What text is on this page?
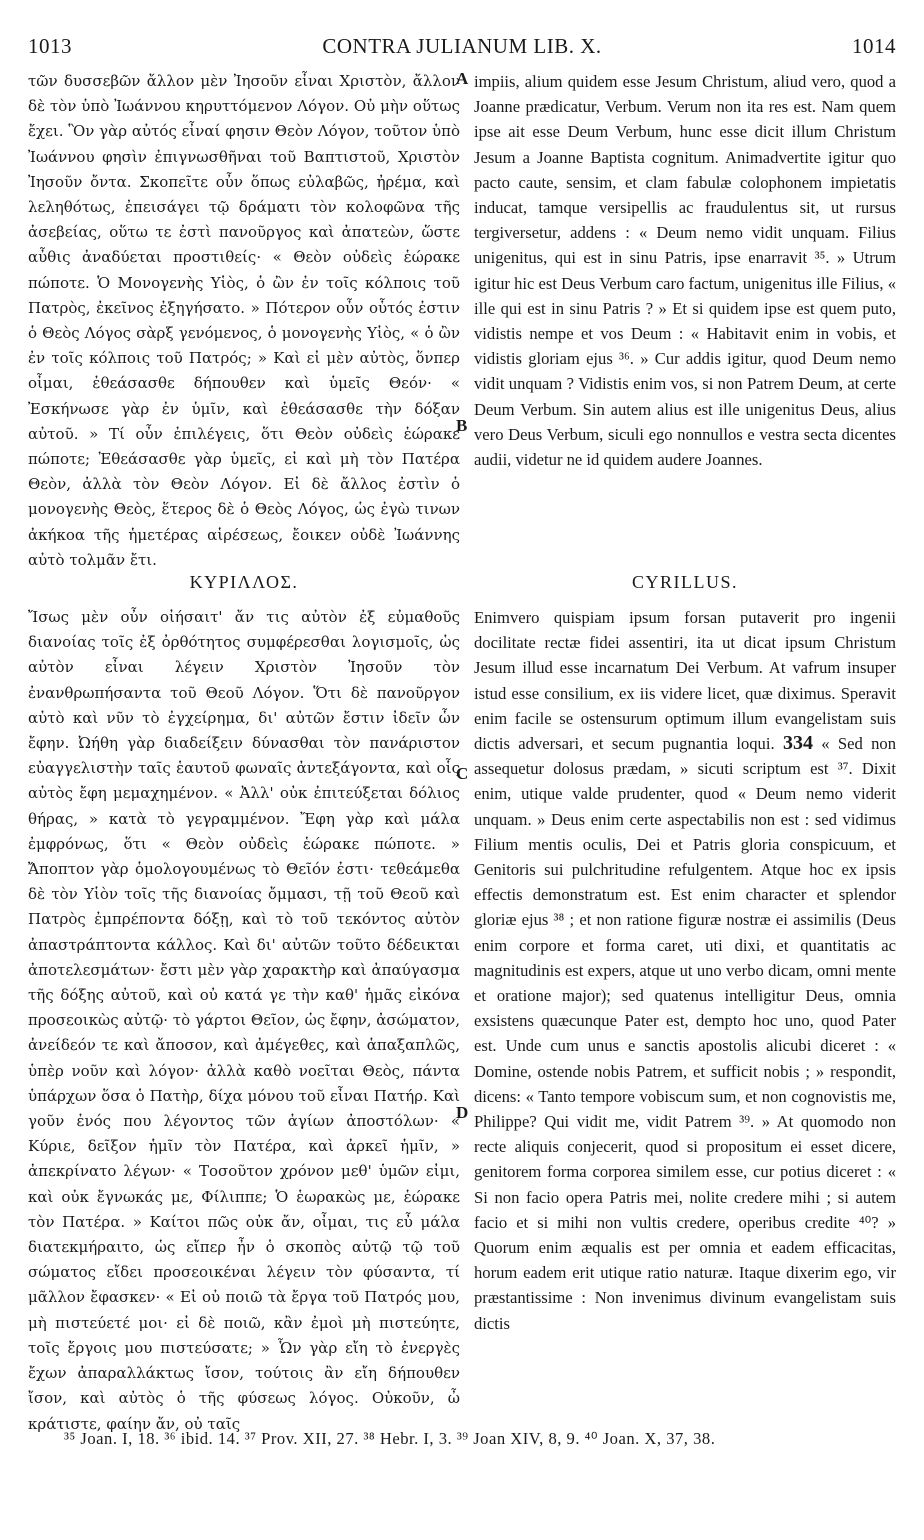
1013	CONTRA JULIANUM LIB. X.	1014

τῶν δυσσεβῶν ἄλλον μὲν Ἰησοῦν εἶναι Χριστὸν, ἄλλον δὲ τὸν ὑπὸ Ἰωάννου κηρυττόμενον Λόγον. Οὐ μὴν οὕτως ἔχει. Ὃν γὰρ αὐτός εἶναί φησιν Θεὸν Λόγον, τοῦτον ὑπὸ Ἰωάννου φησὶν ἐπιγνωσθῆναι τοῦ Βαπτιστοῦ, Χριστὸν Ἰησοῦν ὄντα. Σκοπεῖτε οὖν ὅπως εὐλαβῶς, ἠρέμα, καὶ λεληθότως, ἐπεισάγει τῷ δράματι τὸν κολοφῶνα τῆς ἀσεβείας, οὕτω τε ἐστὶ πανοῦργος καὶ ἀπατεὼν, ὥστε αὖθις ἀναδύεται προστιθείς· « Θεὸν οὐδεὶς ἑώρακε πώποτε. Ὁ Μονογενὴς Υἱὸς, ὁ ὢν ἐν τοῖς κόλποις τοῦ Πατρὸς, ἐκεῖνος ἐξηγήσατο. » Πότερον οὖν οὗτός ἐστιν ὁ Θεὸς Λόγος σὰρξ γενόμενος, ὁ μονογενὴς Υἱὸς, « ὁ ὢν ἐν τοῖς κόλποις τοῦ Πατρός; » Καὶ εἰ μὲν αὐτὸς, ὅνπερ οἶμαι, ἐθεάσασθε δήπουθεν καὶ ὑμεῖς Θεόν· « Ἐσκήνωσε γὰρ ἐν ὑμῖν, καὶ ἐθεάσασθε τὴν δόξαν αὐτοῦ. » Τί οὖν ἐπιλέγεις, ὅτι Θεὸν οὐδεὶς ἑώρακε πώποτε; Ἐθεάσασθε γὰρ ὑμεῖς, εἰ καὶ μὴ τὸν Πατέρα Θεὸν, ἀλλὰ τὸν Θεὸν Λόγον. Εἰ δὲ ἄλλος ἐστὶν ὁ μονογενὴς Θεὸς, ἕτερος δὲ ὁ Θεὸς Λόγος, ὡς ἐγὼ τινων ἀκήκοα τῆς ἡμετέρας αἱρέσεως, ἔοικεν οὐδὲ Ἰωάννης αὐτὸ τολμᾶν ἔτι.

impiis, alium quidem esse Jesum Christum, aliud vero, quod a Joanne prædicatur, Verbum. Verum non ita res est. Nam quem ipse ait esse Deum Verbum, hunc esse dicit illum Christum Jesum a Joanne Baptista cognitum. Animadvertite igitur quo pacto caute, sensim, et clam fabulæ colophonem impietatis inducat, tamque versipellis ac fraudulentus sit, ut rursus tergiversetur, addens : « Deum nemo vidit unquam. Filius unigenitus, qui est in sinu Patris, ipse enarravit ³⁵. » Utrum igitur hic est Deus Verbum caro factum, unigenitus ille Filius, « ille qui est in sinu Patris ? » Et si quidem ipse est quem puto, vidistis nempe et vos Deum : « Habitavit enim in vobis, et vidistis gloriam ejus ³⁶. » Cur addis igitur, quod Deum nemo vidit unquam ? Vidistis enim vos, si non Patrem Deum, at certe Deum Verbum. Sin autem alius est ille unigenitus Deus, alius vero Deus Verbum, siculi ego nonnullos e vestra secta dicentes audii, videtur ne id quidem audere Joannes.

A
B
C
D
ΚΥΡΙΛΛΟΣ.	CYRILLUS.

Ἴσως μὲν οὖν οἰήσαιτ' ἄν τις αὐτὸν ἐξ εὐμαθοῦς διανοίας τοῖς ἐξ ὀρθότητος συμφέρεσθαι λογισμοῖς, ὡς αὐτὸν εἶναι λέγειν Χριστὸν Ἰησοῦν τὸν ἐνανθρωπήσαντα τοῦ Θεοῦ Λόγον. Ὅτι δὲ πανοῦργον αὐτὸ καὶ νῦν τὸ ἐγχείρημα, δι' αὐτῶν ἔστιν ἰδεῖν ὧν ἔφην. Ὠήθη γὰρ διαδείξειν δύνασθαι τὸν πανάριστον εὐαγγελιστὴν ταῖς ἑαυτοῦ φωναῖς ἀντεξάγοντα, καὶ οἷς αὐτὸς ἔφη μεμαχημένον. « Ἀλλ' οὐκ ἐπιτεύξεται δόλιος θήρας, » κατὰ τὸ γεγραμμένον. Ἔφη γὰρ καὶ μάλα ἐμφρόνως, ὅτι « Θεὸν οὐδεὶς ἑώρακε πώποτε. » Ἄποπτον γὰρ ὁμολογουμένως τὸ Θεῖόν ἐστι· τεθεάμεθα δὲ τὸν Υἱὸν τοῖς τῆς διανοίας ὄμμασι, τῇ τοῦ Θεοῦ καὶ Πατρὸς ἐμπρέποντα δόξῃ, καὶ τὸ τοῦ τεκόντος αὐτὸν ἀπαστράπτοντα κάλλος. Καὶ δι' αὐτῶν τοῦτο δέδεικται ἀποτελεσμάτων· ἔστι μὲν γὰρ χαρακτὴρ καὶ ἀπαύγασμα τῆς δόξης αὐτοῦ, καὶ οὐ κατά γε τὴν καθ' ἡμᾶς εἰκόνα προσεοικὼς αὐτῷ· τὸ γάρτοι Θεῖον, ὡς ἔφην, ἀσώματον, ἀνείδεόν τε καὶ ἄποσον, καὶ ἀμέγεθες, καὶ ἁπαξαπλῶς, ὑπὲρ νοῦν καὶ λόγον· ἀλλὰ καθὸ νοεῖται Θεὸς, πάντα ὑπάρχων ὅσα ὁ Πατὴρ, δίχα μόνου τοῦ εἶναι Πατήρ. Καὶ γοῦν ἑνός που λέγοντος τῶν ἁγίων ἀποστόλων· « Κύριε, δεῖξον ἡμῖν τὸν Πατέρα, καὶ ἀρκεῖ ἡμῖν, » ἀπεκρίνατο λέγων· « Τοσοῦτον χρόνον μεθ' ὑμῶν εἰμι, καὶ οὐκ ἔγνωκάς με, Φίλιππε; Ὁ ἑωρακὼς με, ἑώρακε τὸν Πατέρα. » Καίτοι πῶς οὐκ ἄν, οἶμαι, τις εὖ μάλα διατεκμήραιτο, ὡς εἴπερ ἦν ὁ σκοπὸς αὐτῷ τῷ τοῦ σώματος εἴδει προσεοικέναι λέγειν τὸν φύσαντα, τί μᾶλλον ἔφασκεν· « Εἰ οὐ ποιῶ τὰ ἔργα τοῦ Πατρός μου, μὴ πιστεύετέ μοι· εἰ δὲ ποιῶ, κἂν ἐμοὶ μὴ πιστεύητε, τοῖς ἔργοις μου πιστεύσατε; » Ὧν γὰρ εἴη τὸ ἐνεργὲς ἔχων ἀπαραλλάκτως ἴσον, τούτοις ἂν εἴη δήπουθεν ἴσον, καὶ αὐτὸς ὁ τῆς φύσεως λόγος. Οὐκοῦν, ὦ κράτιστε, φαίην ἄν, οὐ ταῖς

Enimvero quispiam ipsum forsan putaverit pro ingenii docilitate rectæ fidei assentiri, ita ut dicat ipsum Christum Jesum illud esse incarnatum Dei Verbum. At vafrum insuper istud esse consilium, ex iis videre licet, quæ diximus. Speravit enim facile se ostensurum optimum illum evangelistam suis dictis adversari, et secum pugnantia loqui. 334 « Sed non assequetur dolosus prædam, » sicuti scriptum est ³⁷. Dixit enim, utique valde prudenter, quod « Deum nemo viderit unquam. » Deus enim certe aspectabilis non est : sed vidimus Filium mentis oculis, Dei et Patris gloria conspicuum, et Genitoris sui pulchritudine refulgentem. Atque hoc ex ipsis effectis demonstratum est. Est enim character et splendor gloriæ ejus ³⁸ ; et non ratione figuræ nostræ ei assimilis (Deus enim corpore et forma caret, uti dixi, et quantitatis ac magnitudinis est expers, atque ut uno verbo dicam, omni mente et oratione major); sed quatenus intelligitur Deus, omnia exsistens quæcunque Pater est, dempto hoc uno, quod Pater est. Unde cum unus e sanctis apostolis alicubi diceret : « Domine, ostende nobis Patrem, et sufficit nobis ; » respondit, dicens: « Tanto tempore vobiscum sum, et non cognovistis me, Philippe? Qui vidit me, vidit Patrem ³⁹. » At quomodo non recte aliquis conjecerit, quod si propositum ei esset dicere, genitorem forma corporea similem esse, cur potius diceret : « Si non facio opera Patris mei, nolite credere mihi ; si autem facio et si mihi non vultis credere, operibus credite ⁴⁰? » Quorum enim æqualis est per omnia et eadem efficacitas, horum eadem erit utique ratio naturæ. Itaque dixerim ego, vir præstantissime : Non invenimus divinum evangelistam suis dictis

³⁵ Joan. I, 18. ³⁶ ibid. 14. ³⁷ Prov. XII, 27. ³⁸ Hebr. I, 3. ³⁹ Joan XIV, 8, 9. ⁴⁰ Joan. X, 37, 38.
